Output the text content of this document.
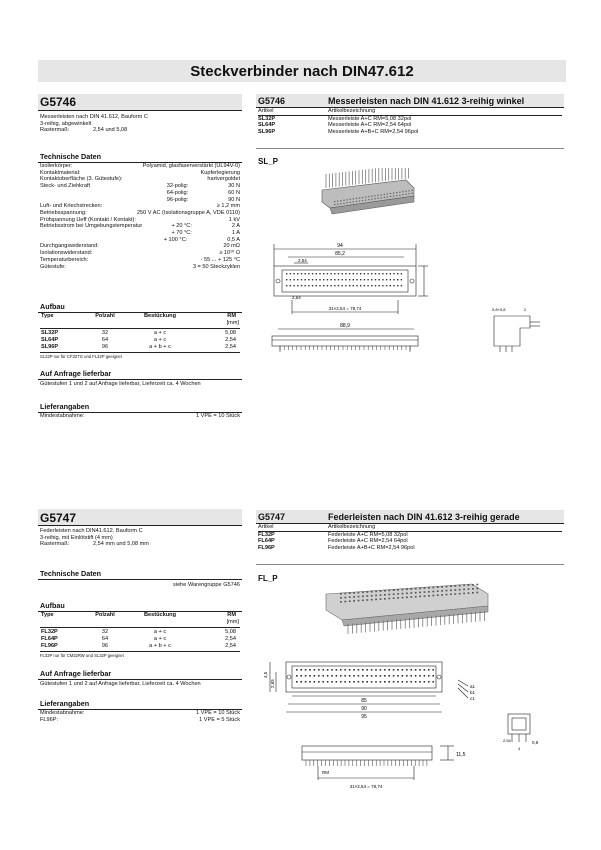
Steckverbinder nach DIN47.612
G5746
Messerleisten nach DIN 41.612, Bauform C
3-reihig, abgewinkelt
Rastermaß:	2,54 und 5,08
Technische Daten
Isolierkörper:	Polyamid, glasfaserverstärkt (UL94V-0)
Kontaktmaterial:	Kupferlegierung
Kontaktoberfläche (3. Gütestufe):	hartvergoldet
Steck- und Ziehkraft	32-polig:	30 N
64-polig:	60 N
96-polig:	90 N
Luft- und Kriechstrecken:	≥ 1,2 mm
Betriebsspannung:	250 V AC (Isolationsgruppe A, VDE 0110)
Prüfspannung Ueff (Kontakt / Kontakt):	1 kV
Betriebsstrom bei Umgebungstemperatur	+ 20 °C:	2 A
+ 70 °C:	1 A
+ 100 °C:	0,5 A
Durchgangswiderstand:	20 mΩ
Isolationswiderstand:	≥ 10¹⁰ Ω
Temperaturbereich:	- 55 ... + 125 °C
Gütestufe:	3 = 50 Steckzyklen
Aufbau
Type	Polzahl	Bestückung	RM
			[mm]
SL32P	32	a + c	5,08
SL64P	64	a + c	2,54
SL96P	96	a + b + c	2,54
SL32P nur für CF32TG und FL32P geeignet
Auf Anfrage lieferbar
Gütestufen 1 und 2 auf Anfrage lieferbar, Lieferzeit ca. 4 Wochen
Lieferangaben
Mindestabnahme:	1 VPE = 10 Stück
G5746	Messerleisten nach DIN 41.612 3-reihig winkel
Artikel	Artikelbezeichnung
SL32P	Messerleiste A+C RM=5,08 32pol
SL64P	Messerleiste A+C RM=2,54 64pol
SL96P	Messerleiste A+B+C RM=2,54 96pol
SL_P
94
85,2
2,54
2,54
31×2,54 = 78,74
88,9
0,8+0,8	2
G5747
Federleisten nach DIN41.612, Bauform C
3-reihig, mit Einlötstift (4 mm)
Rastermaß:	2,54 mm und 5,08 mm
Technische Daten
siehe Warengruppe G5746
Aufbau
Type	Polzahl	Bestückung	RM
			[mm]
FL32P	32	a + c	5,08
FL64P	64	a + c	2,54
FL96P	96	a + b + c	2,54
FL32P nur für CM32RW und SL32P geeignet
Auf Anfrage lieferbar
Gütestufen 1 und 2 auf Anfrage lieferbar, Lieferzeit ca. 4 Wochen
Lieferangaben
Mindestabnahme:	1 VPE = 10 Stück
FL96P:	1 VPE = 5 Stück
G5747	Federleisten nach DIN 41.612 3-reihig gerade
Artikel	Artikelbezeichnung
FL32P	Federleiste A+C RM=5,08 32pol
FL64P	Federleiste A+C RM=2,54 64pol
FL96P	Federleiste A+B+C RM=2,54 96pol
FL_P
4,5
2,65
85
90
95
a1
b1
c1
11,5
RM
31×2,54 = 78,74
0,6
2,54
4
